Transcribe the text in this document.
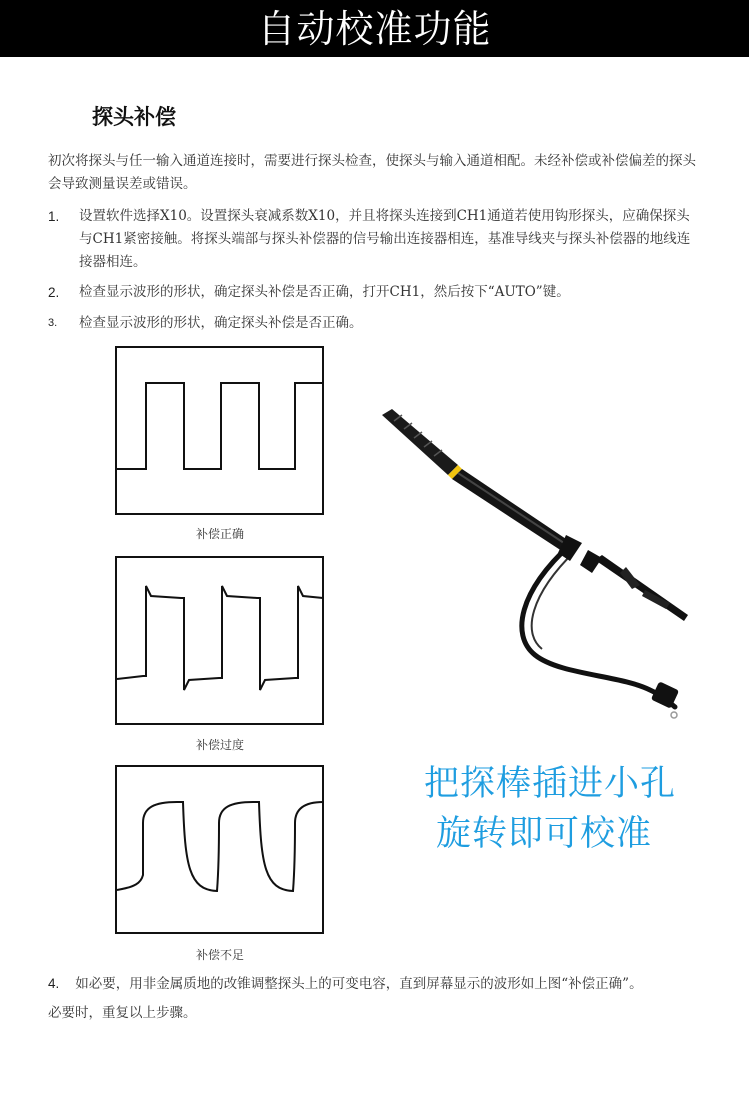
自动校准功能
探头补偿
初次将探头与任一输入通道连接时，需要进行探头检查，使探头与输入通道相配。未经补偿或补偿偏差的探头会导致测量误差或错误。
1.	设置软件选择X10。设置探头衰减系数X10，并且将探头连接到CH1通道若使用钩形探头，应确保探头与CH1紧密接触。将探头端部与探头补偿器的信号输出连接器相连，基准导线夹与探头补偿器的地线连接器相连。
2.	检查显示波形的形状，确定探头补偿是否正确，打开CH1，然后按下“AUTO”键。
3.	检查显示波形的形状，确定探头补偿是否正确。
补偿正确
补偿过度
补偿不足
把探棒插进小孔
旋转即可校准
4. 如必要，用非金属质地的改锥调整探头上的可变电容，直到屏幕显示的波形如上图“补偿正确”。
必要时，重复以上步骤。
